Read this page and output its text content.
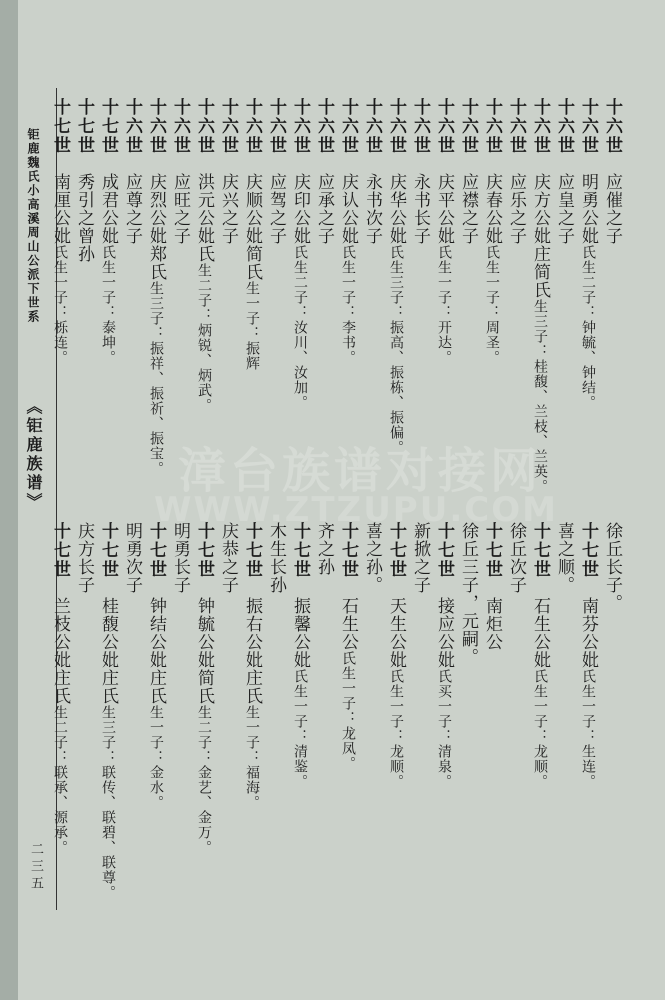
漳台族谱对接网
WWW.ZTZUPU.COM
钜鹿魏氏小高溪周山公派下世系
《钜鹿族谱》
二三五
十六世应催之子
十六世明勇公妣氏生二子：钟毓、钟结。
十六世应皇之子
十六世庆方公妣庄简氏生三子：桂馥、兰枝、兰英。
十六世应乐之子
十六世庆春公妣氏生一子：周圣。
十六世应襟之子
十六世庆平公妣氏生一子：开达。
十六世永书长子
十六世庆华公妣氏生三子：振高、振栋、振偏。
十六世永书次子
十六世庆认公妣氏生一子：李书。
十六世应承之子
十六世庆印公妣氏生二子：汝川、汝加。
十六世应驾之子
十六世庆顺公妣简氏生一子：振辉
十六世庆兴之子
十六世洪元公妣氏生二子：炳锐、炳武。
十六世应旺之子
十六世庆烈公妣郑氏生三子：振祥、振祈、振宝。
十六世应尊之子
十七世成君公妣氏生一子：泰坤。
十七世秀引之曾孙
十七世南厘公妣氏生一子：栎连。
徐丘长子。
十七世南芬公妣氏生一子：生连。
喜之顺。
十七世石生公妣氏生一子：龙顺。
徐丘次子
十七世南炬公
徐丘三子，元嗣。
十七世接应公妣氏买一子：清泉。
新掀之子
十七世天生公妣氏生一子：龙顺。
喜之孙。
十七世石生公氏生一子：龙凤。
齐之孙
十七世振馨公妣氏生一子：清鉴。
木生长孙
十七世振右公妣庄氏生一子：福海。
庆恭之子
十七世钟毓公妣简氏生二子：金艺、金万。
明勇长子
十七世钟结公妣庄氏生一子：金水。
明勇次子
十七世桂馥公妣庄氏生三子：联传、联碧、联尊。
庆方长子
十七世兰枝公妣庄氏生二子：联承、源承。
